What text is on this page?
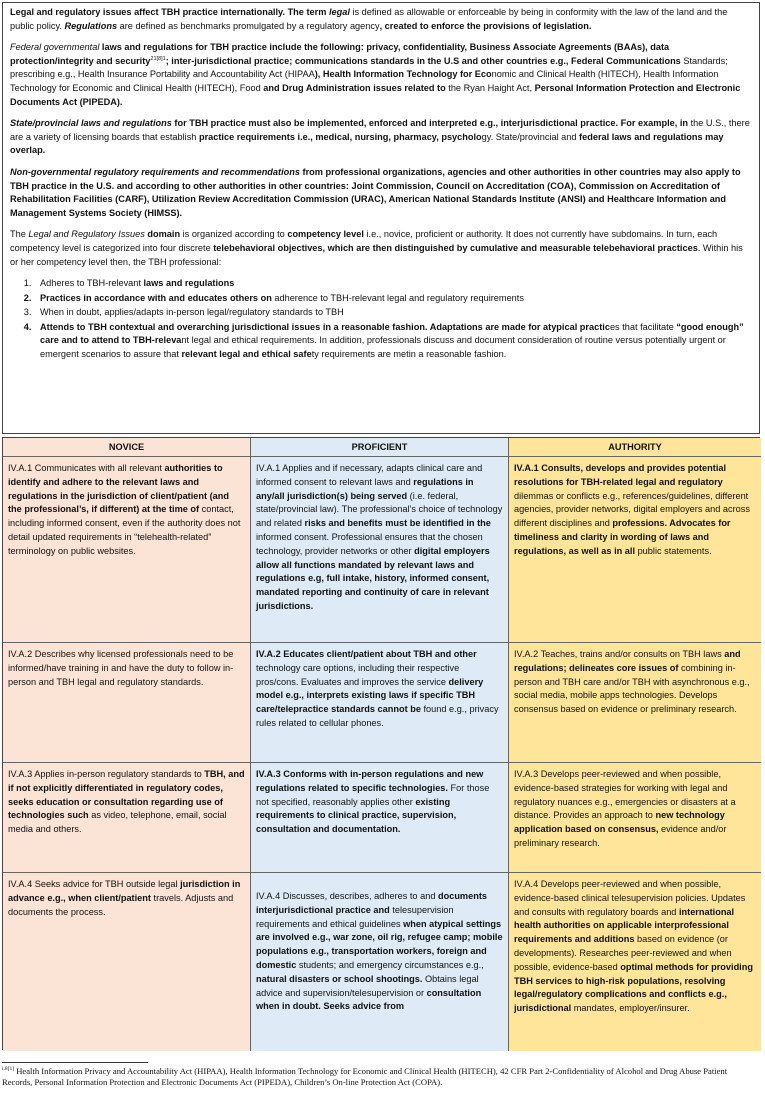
Legal and regulatory issues affect TBH practice internationally. The term legal is defined as allowable or enforceable by being in conformity with the law of the land and the public policy. Regulations are defined as benchmarks promulgated by a regulatory agency, created to enforce the provisions of legislation.

Federal governmental laws and regulations for TBH practice include the following: privacy, confidentiality, Business Associate Agreements (BAAs), data protection/integrity and security$^{21[8]1}$; inter-jurisdictional practice; communications standards in the U.S and other countries e.g., Federal Communications Standards; prescribing e.g., Health Insurance Portability and Accountability Act (HIPAA), Health Information Technology for Economic and Clinical Health (HITECH), Health Information Technology for Economic and Clinical Health (HITECH), Food and Drug Administration issues related to the Ryan Haight Act, Personal Information Protection and Electronic Documents Act (PIPEDA).

State/provincial laws and regulations for TBH practice must also be implemented, enforced and interpreted e.g., interjurisdictional practice. For example, in the U.S., there are a variety of licensing boards that establish practice requirements i.e., medical, nursing, pharmacy, psychology. State/provincial and federal laws and regulations may overlap.

Non-governmental regulatory requirements and recommendations from professional organizations, agencies and other authorities in other countries may also apply to TBH practice in the U.S. and according to other authorities in other countries: Joint Commission, Council on Accreditation (COA), Commission on Accreditation of Rehabilitation Facilities (CARF), Utilization Review Accreditation Commission (URAC), American National Standards Institute (ANSI) and Healthcare Information and Management Systems Society (HIMSS).

The Legal and Regulatory Issues domain is organized according to competency level i.e., novice, proficient or authority. It does not currently have subdomains. In turn, each competency level is categorized into four discrete telebehavioral objectives, which are then distinguished by cumulative and measurable telebehavioral practices. Within his or her competency level then, the TBH professional:

1. Adheres to TBH-relevant laws and regulations
2. Practices in accordance with and educates others on adherence to TBH-relevant legal and regulatory requirements
3. When in doubt, applies/adapts in-person legal/regulatory standards to TBH
4. Attends to TBH contextual and overarching jurisdictional issues in a reasonable fashion. Adaptations are made for atypical practices that facilitate “good enough” care and to attend to TBH-relevant legal and ethical requirements. In addition, professionals discuss and document consideration of routine versus potentially urgent or emergent scenarios to assure that relevant legal and ethical safety requirements are metin a reasonable fashion.
NOVICE	PROFICIENT	AUTHORITY
IV.A.1 Communicates with all relevant authorities to identify and adhere to the relevant laws and regulations in the jurisdiction of client/patient (and the professional’s, if different) at the time of contact, including informed consent, even if the authority does not detail updated requirements in “telehealth-related” terminology on public websites.
IV.A.1 Applies and if necessary, adapts clinical care and informed consent to relevant laws and regulations in any/all jurisdiction(s) being served (i.e. federal, state/provincial law). The professional’s choice of technology and related risks and benefits must be identified in the informed consent. Professional ensures that the chosen technology, provider networks or other digital employers allow all functions mandated by relevant laws and regulations e.g, full intake, history, informed consent, mandated reporting and continuity of care in relevant jurisdictions.
IV.A.1 Consults, develops and provides potential resolutions for TBH-related legal and regulatory dilemmas or conflicts e.g., references/guidelines, different agencies, provider networks, digital employers and across different disciplines and professions. Advocates for timeliness and clarity in wording of laws and regulations, as well as in all public statements.
IV.A.2 Describes why licensed professionals need to be informed/have training in and have the duty to follow in-person and TBH legal and regulatory standards.
IV.A.2 Educates client/patient about TBH and other technology care options, including their respective pros/cons. Evaluates and improves the service delivery model e.g., interprets existing laws if specific TBH care/telepractice standards cannot be found e.g., privacy rules related to cellular phones.
IV.A.2 Teaches, trains and/or consults on TBH laws and regulations; delineates core issues of combining in-person and TBH care and/or TBH with asynchronous e.g., social media, mobile apps technologies. Develops consensus based on evidence or preliminary research.
IV.A.3 Applies in-person regulatory standards to TBH, and if not explicitly differentiated in regulatory codes, seeks education or consultation regarding use of technologies such as video, telephone, email, social media and others.
IV.A.3 Conforms with in-person regulations and new regulations related to specific technologies. For those not specified, reasonably applies other existing requirements to clinical practice, supervision, consultation and documentation.
IV.A.3 Develops peer-reviewed and when possible, evidence-based strategies for working with legal and regulatory nuances e.g., emergencies or disasters at a distance. Provides an approach to new technology application based on consensus, evidence and/or preliminary research.
IV.A.4 Seeks advice for TBH outside legal jurisdiction in advance e.g., when client/patient travels. Adjusts and documents the process.
IV.A.4 Discusses, describes, adheres to and documents interjurisdictional practice and telesupervision requirements and ethical guidelines when atypical settings are involved e.g., war zone, oil rig, refugee camp; mobile populations e.g., transportation workers, foreign and domestic students; and emergency circumstances e.g., natural disasters or school shootings. Obtains legal advice and supervision/telesupervision or consultation when in doubt. Seeks advice from
IV.A.4 Develops peer-reviewed and when possible, evidence-based clinical telesupervision policies. Updates and consults with regulatory boards and international health authorities on applicable interprofessional requirements and additions based on evidence (or developments). Researches peer-reviewed and when possible, evidence-based optimal methods for providing TBH services to high-risk populations, resolving legal/regulatory complications and conflicts e.g., jurisdictional mandates, employer/insurer.
$^{i.8[1]}$ Health Information Privacy and Accountability Act (HIPAA), Health Information Technology for Economic and Clinical Health (HITECH), 42 CFR Part 2-Confidentiality of Alcohol and Drug Abuse Patient Records, Personal Information Protection and Electronic Documents Act (PIPEDA), Children’s On-line Protection Act (COPA).
